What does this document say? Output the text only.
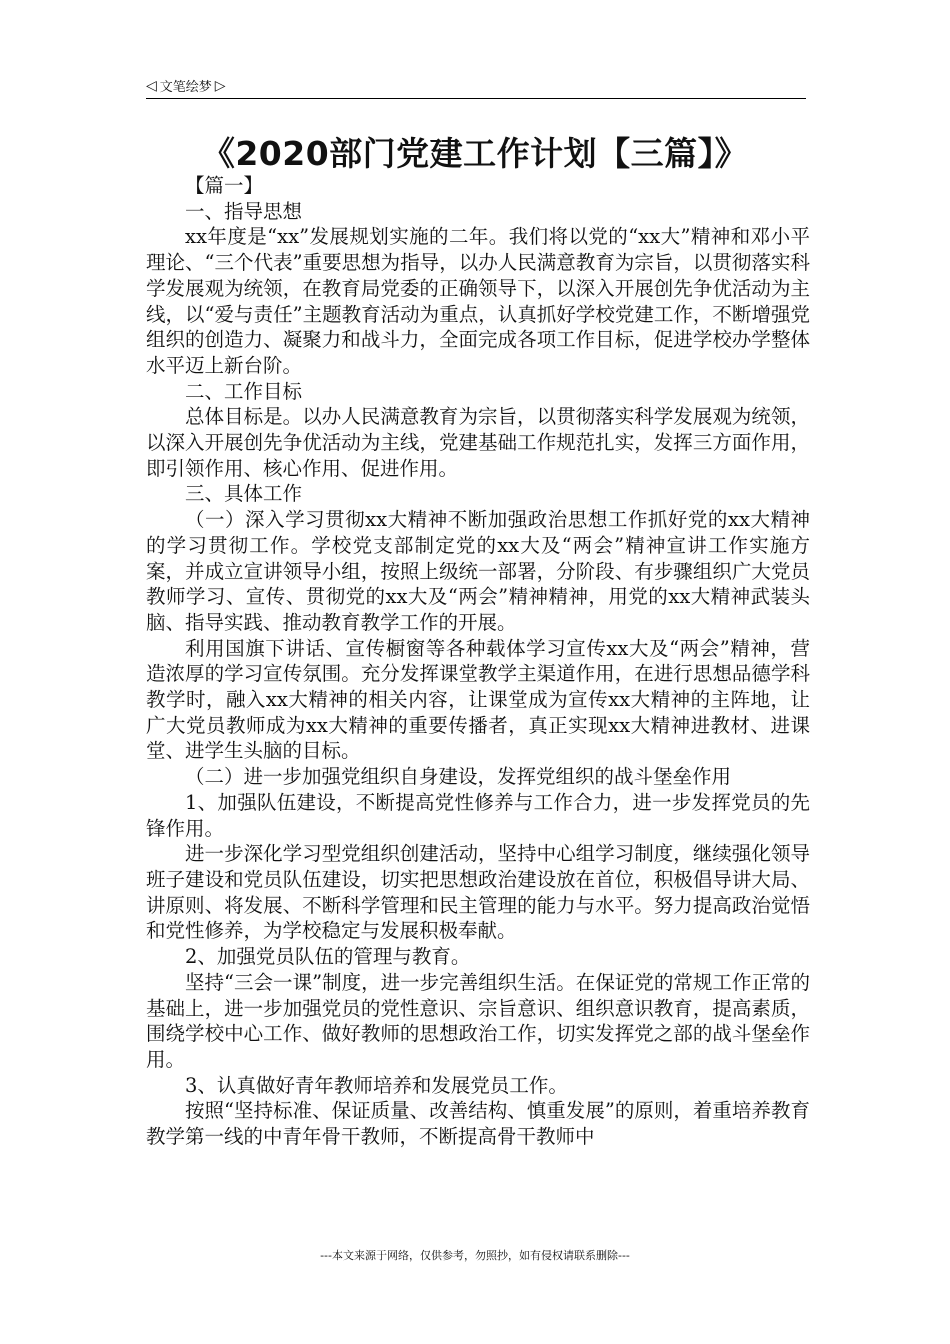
◁ 文笔绘梦 ▷
《2020部门党建工作计划【三篇】》

【篇一】

一、指导思想

xx年度是“xx”发展规划实施的二年。我们将以党的“xx大”精神和邓小平理论、“三个代表”重要思想为指导，以办人民满意教育为宗旨，以贯彻落实科学发展观为统领，在教育局党委的正确领导下，以深入开展创先争优活动为主线，以“爱与责任”主题教育活动为重点，认真抓好学校党建工作，不断增强党组织的创造力、凝聚力和战斗力，全面完成各项工作目标，促进学校办学整体水平迈上新台阶。

二、工作目标

总体目标是。以办人民满意教育为宗旨，以贯彻落实科学发展观为统领，以深入开展创先争优活动为主线，党建基础工作规范扎实，发挥三方面作用，即引领作用、核心作用、促进作用。

三、具体工作

（一）深入学习贯彻xx大精神不断加强政治思想工作抓好党的xx大精神的学习贯彻工作。学校党支部制定党的xx大及“两会”精神宣讲工作实施方案，并成立宣讲领导小组，按照上级统一部署，分阶段、有步骤组织广大党员教师学习、宣传、贯彻党的xx大及“两会”精神精神，用党的xx大精神武装头脑、指导实践、推动教育教学工作的开展。

利用国旗下讲话、宣传橱窗等各种载体学习宣传xx大及“两会”精神，营造浓厚的学习宣传氛围。充分发挥课堂教学主渠道作用，在进行思想品德学科教学时，融入xx大精神的相关内容，让课堂成为宣传xx大精神的主阵地，让广大党员教师成为xx大精神的重要传播者，真正实现xx大精神进教材、进课堂、进学生头脑的目标。

（二）进一步加强党组织自身建设，发挥党组织的战斗堡垒作用

1、加强队伍建设，不断提高党性修养与工作合力，进一步发挥党员的先锋作用。

进一步深化学习型党组织创建活动，坚持中心组学习制度，继续强化领导班子建设和党员队伍建设，切实把思想政治建设放在首位，积极倡导讲大局、讲原则、将发展、不断科学管理和民主管理的能力与水平。努力提高政治觉悟和党性修养，为学校稳定与发展积极奉献。

2、加强党员队伍的管理与教育。

坚持“三会一课”制度，进一步完善组织生活。在保证党的常规工作正常的基础上，进一步加强党员的党性意识、宗旨意识、组织意识教育，提高素质，围绕学校中心工作、做好教师的思想政治工作，切实发挥党之部的战斗堡垒作用。

3、认真做好青年教师培养和发展党员工作。

按照“坚持标准、保证质量、改善结构、慎重发展”的原则，着重培养教育教学第一线的中青年骨干教师，不断提高骨干教师中

---本文来源于网络，仅供参考，勿照抄，如有侵权请联系删除---
